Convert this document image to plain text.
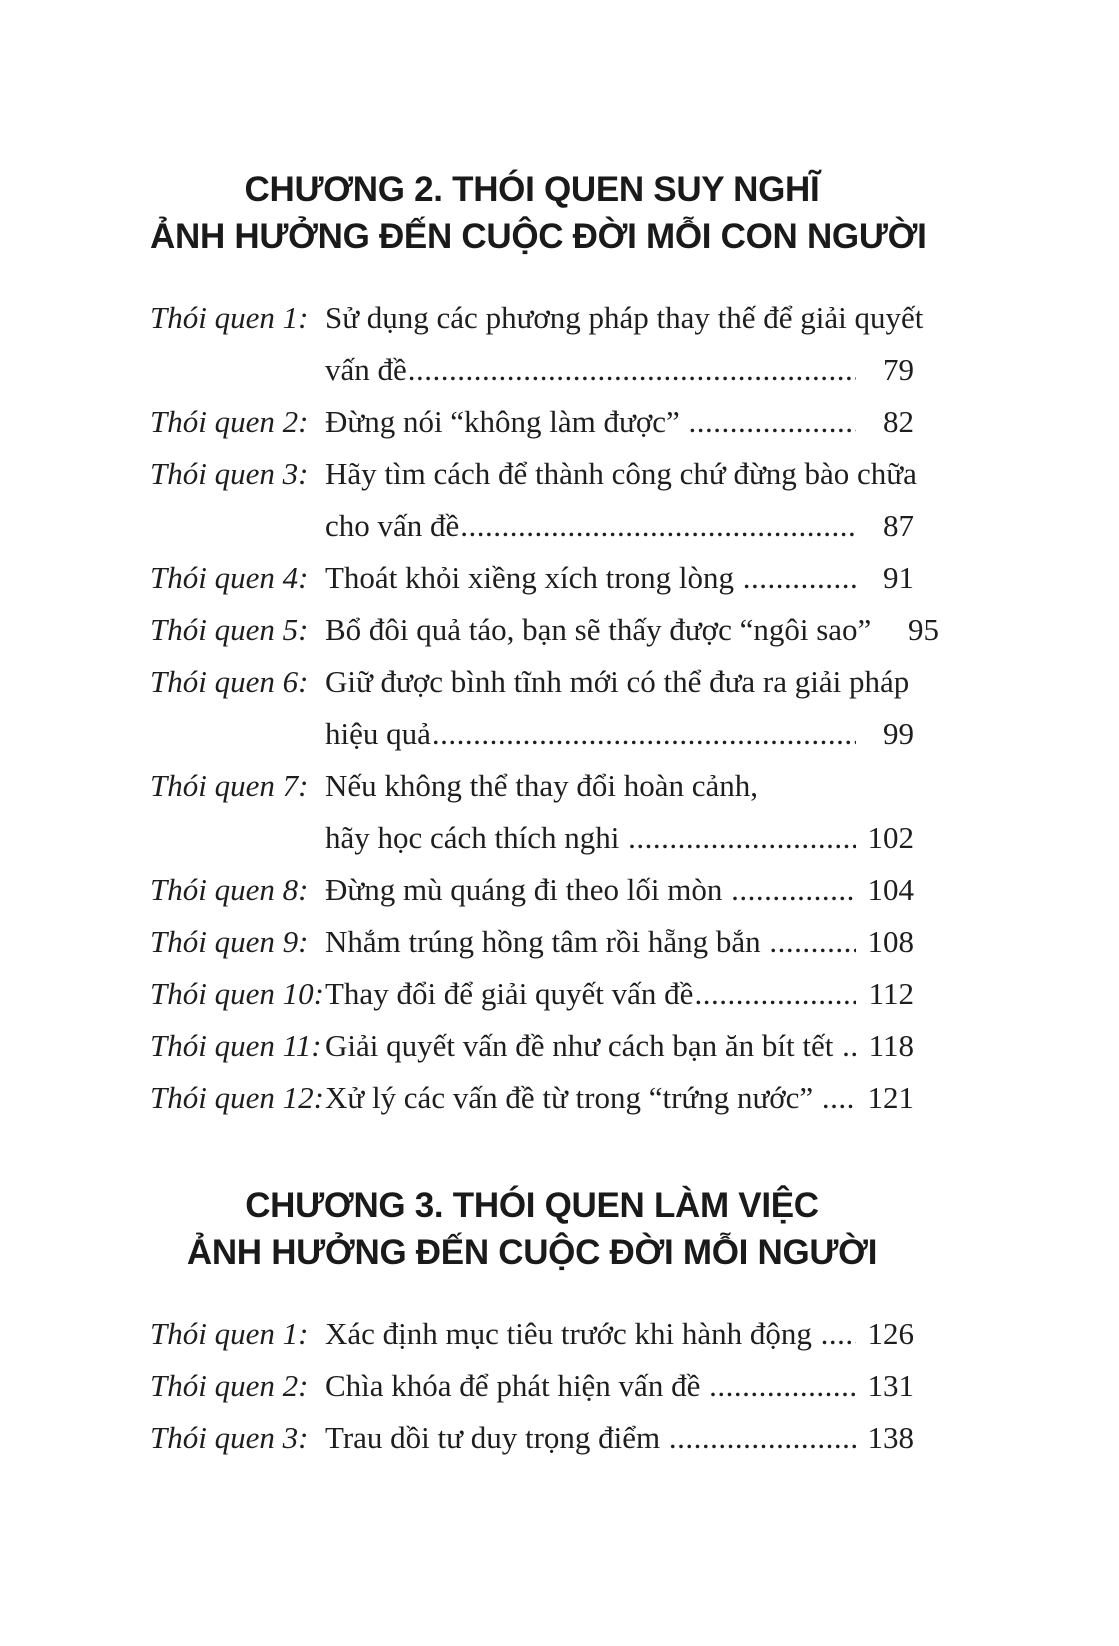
CHƯƠNG 2. THÓI QUEN SUY NGHĨ
ẢNH HƯỞNG ĐẾN CUỘC ĐỜI MỖI CON NGƯỜI
Thói quen 1: Sử dụng các phương pháp thay thế để giải quyết
vấn đề .....	79
Thói quen 2: Đừng nói “không làm được” .....	82
Thói quen 3: Hãy tìm cách để thành công chứ đừng bào chữa
cho vấn đề .....	87
Thói quen 4: Thoát khỏi xiềng xích trong lòng .....	91
Thói quen 5: Bổ đôi quả táo, bạn sẽ thấy được “ngôi sao” ..... 95
Thói quen 6: Giữ được bình tĩnh mới có thể đưa ra giải pháp
hiệu quả .....	99
Thói quen 7: Nếu không thể thay đổi hoàn cảnh,
hãy học cách thích nghi .....	102
Thói quen 8: Đừng mù quáng đi theo lối mòn .....	104
Thói quen 9: Nhắm trúng hồng tâm rồi hẵng bắn .....	108
Thói quen 10: Thay đổi để giải quyết vấn đề .....	112
Thói quen 11: Giải quyết vấn đề như cách bạn ăn bít tết ..... 118
Thói quen 12: Xử lý các vấn đề từ trong “trứng nước” .....	121
CHƯƠNG 3. THÓI QUEN LÀM VIỆC
ẢNH HƯỞNG ĐẾN CUỘC ĐỜI MỖI NGƯỜI
Thói quen 1: Xác định mục tiêu trước khi hành động .....	126
Thói quen 2: Chìa khóa để phát hiện vấn đề .....	131
Thói quen 3: Trau dồi tư duy trọng điểm .....	138
